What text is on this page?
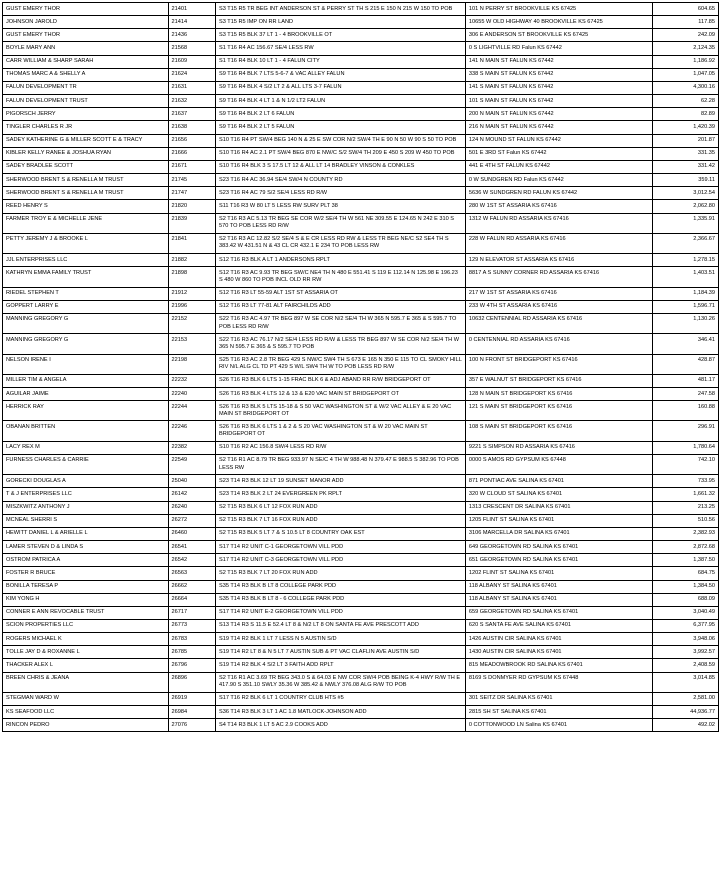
GUST EMERY THOR	21401	S3 T15 R5 TR BEG INT ANDERSON ST & PERRY ST TH S 215 E 150 N 215 W 150 TO POB	101 N PERRY ST BROOKVILLE KS 67425	604.65
JOHNSON JAROLD	21414	S3 T15 R5 IMP ON RR LAND	10655 W OLD HIGHWAY 40 BROOKVILLE KS 67425	117.85
GUST EMERY THOR	21436	S3 T15 R5 BLK 37 LT 1 - 4 BROOKVILLE OT	306 E ANDERSON ST BROOKVILLE KS 67425	242.09
BOYLE MARY ANN	21568	S1 T16 R4 AC 156.67 SE/4 LESS RW	0 S LIGHTVILLE RD Falun KS 67442	2,124.35
CARR WILLIAM & SHARP SARAH	21609	S1 T16 R4 BLK 10 LT 1 - 4 FALUN CITY	141 N MAIN ST FALUN KS 67442	1,186.92
THOMAS MARC A & SHELLY A	21624	S9 T16 R4 BLK 7 LTS 5-6-7 & VAC ALLEY FALUN	338 S MAIN ST FALUN KS 67442	1,047.05
FALUN DEVELOPMENT TR	21631	S9 T16 R4 BLK 4 S/2 LT 2 & ALL LTS 3-7 FALUN	141 S MAIN ST FALUN KS 67442	4,300.16
FALUN DEVELOPMENT TRUST	21632	S9 T16 R4 BLK 4 LT 1 & N 1/2 LT2 FALUN	101 S MAIN ST FALUN KS 67442	62.28
PIGORSCH JERRY	21637	S9 T16 R4 BLK 2 LT 6 FALUN	200 N MAIN ST FALUN KS 67442	82.89
TINGLER CHARLES R JR	21638	S9 T16 R4 BLK 2 LT 5 FALUN	216 N MAIN ST FALUN KS 67442	1,420.39
SADEY KATHERINE G & MILLER SCOTT E & TRACY	21656	S10 T16 R4 PT SW/4 BEG 140 N & 25 E SW COR N/2 SW/4 TH E 90 N 50 W 90 S 50 TO POB	124 N MOUND ST FALUN KS 67442	201.87
KIBLER KELLY RANEE & JOSHUA RYAN	21666	S10 T16 R4 AC 2.1 PT SW/4 BEG 870 E NW/C S/2 SW/4 TH 209 E 450 S 209 W 450 TO POB	501 E 3RD ST Falun KS 67442	331.35
SADEY BRADLEE SCOTT	21671	S10 T16 R4 BLK 3 S 17.5 LT 12 & ALL LT 14 BRADLEY VINSON & CONKLES	441 E 4TH ST FALUN KS 67442	331.42
SHERWOOD BRENT S & RENELLA M TRUST	21745	S23 T16 R4 AC 36.94 SE/4 SW/4 N COUNTY RD	0 W SUNDGREN RD Falun KS 67442	359.11
SHERWOOD BRENT S & RENELLA M TRUST	21747	S23 T16 R4 AC 79 S/2 SE/4 LESS RD R/W	5636 W SUNDGREN RD FALUN KS 67442	3,012.54
REED HENRY S	21820	S11 T16 R3 W 80 LT 5 LESS RW SURV PLT 38	280 W 1ST ST ASSARIA KS 67416	2,062.80
FARMER TROY E & MICHELLE JENE	21839	S2 T16 R3 AC 5.13 TR BEG SE COR W/2 SE/4 TH W 561 NE 309.55 E 124.65 N 242 E 310 S 570 TO POB LESS RD R/W	1312 W FALUN RD ASSARIA KS 67416	1,335.91
PETTY JEREMY J & BROOKE L	21841	S2 T16 R3 AC 12.82 S/2 SE/4 S & E CR LESS RD RW & LESS TR BEG NE/C S2 SE4 TH S 383.42 W 431.51 N & 43 CL CR 432.1 E 234 TO POB LESS RW	228 W FALUN RD ASSARIA KS 67416	2,366.67
JJL ENTERPRISES LLC	21882	S12 T16 R3 BLK A LT 1 ANDERSONS RPLT	129 N ELEVATOR ST ASSARIA KS 67416	1,278.15
KATHRYN EMMA FAMILY TRUST	21898	S12 T16 R3 AC 9.93 TR BEG SW/C NE4 TH N 480 E 551.41 S 119 E 112.14 N 125.98 E 196.23 S 480 W 860 TO POB INCL OLD RR RW	8817 A S SUNNY CORNER RD ASSARIA KS 67416	1,403.51
RIEDEL STEPHEN T	21912	S12 T16 R3 LT 55-59 ALT 1ST ST ASSARIA OT	217 W 1ST ST ASSARIA KS 67416	1,184.39
GOPPERT LARRY E	21996	S12 T16 R3 LT 77-81 ALT FAIRCHILDS ADD	233 W 4TH ST ASSARIA KS 67416	1,596.71
MANNING GREGORY G	22152	S22 T16 R3 AC 4.97 TR BEG 897 W SE COR N/2 SE/4 TH W 365 N 595.7 E 365 & S 595.7 TO POB LESS RD R/W	10632 CENTENNIAL RD ASSARIA KS 67416	1,130.26
MANNING GREGORY G	22153	S22 T16 R3 AC 76.17 N/2 SE/4 LESS RD R/W & LESS TR BEG 897 W SE COR N/2 SE/4 TH W 365 N 595.7 E 365 & S 595.7 TO POB	0 CENTENNIAL RD ASSARIA KS 67416	346.41
NELSON IRENE I	22198	S25 T16 R3 AC 2.8 TR BEG 429 S NW/C SW4 TH S 673 E 165 N 350 E 115 TO CL SMOKY HILL RIV N/L ALG CL TD PT 429 S W/L SW4 TH W TO POB LESS RD R/W	100 N FRONT ST BRIDGEPORT KS 67416	428.87
MILLER TIM & ANGELA	22232	S26 T16 R3 BLK 6 LTS 1-15 FRAC BLK 6 & ADJ ABAND RR R/W BRIDGEPORT OT	357 E WALNUT ST BRIDGEPORT KS 67416	481.17
AGUILAR JAIME	22240	S26 T16 R3 BLK 4 LTS 12 & 13 & E20 VAC MAIN ST BRIDGEPORT OT	128 N MAIN ST BRIDGEPORT KS 67416	247.58
HERRICK RAY	22244	S26 T16 R3 BLK 5 LTS 15-18 & S 50 VAC WASHINGTON ST & W/2 VAC ALLEY & E 20 VAC MAIN ST BRIDGEPORT OT	121 S MAIN ST BRIDGEPORT KS 67416	160.88
OBANAN BRITTEN	22246	S26 T16 R3 BLK 6 LTS 1 & 2 & S 20 VAC WASHINGTON ST & W 20 VAC MAIN ST BRIDGEPORT OT	108 S MAIN ST BRIDGEPORT KS 67416	296.91
LACY REX M	22382	S10 T16 R2 AC 156.8 SW/4 LESS RD R/W	9221 S SIMPSON RD ASSARIA KS 67416	1,780.64
FURNESS CHARLES & CARRIE	22549	S2 T16 R1 AC 8.79 TR BEG 933.97 N SE/C 4 TH W 988.48 N 379.47 E 988.5 S 382.96 TO POB LESS RW	0000 S AMOS RD GYPSUM KS 67448	742.10
GORECKI DOUGLAS A	25040	S23 T14 R3 BLK 12 LT 19 SUNSET MANOR ADD	871 PONTIAC AVE SALINA KS 67401	733.95
T & J ENTERPRISES LLC	26142	S23 T14 R3 BLK 2 LT 24 EVERGREEN PK RPLT	320 W CLOUD ST SALINA KS 67401	1,661.32
MISZKWITZ ANTHONY J	26240	S2 T15 R3 BLK 6 LT 12 FOX RUN ADD	1313 CRESCENT DR SALINA KS 67401	213.25
MCNEAL SHERRI S	26272	S2 T15 R3 BLK 7 LT 16 FOX RUN ADD	1205 FLINT ST SALINA KS 67401	510.56
HEWITT DANIEL L & ARIELLE L	26460	S2 T15 R3 BLK 5 LT 7 & S 10.5 LT 8 COUNTRY OAK EST	3106 MARCELLA DR SALINA KS 67401	2,382.93
LAMER STEVEN D & LINDA S	26541	S17 T14 R2 UNIT C-1 GEORGETOWN VILL PDD	649 GEORGETOWN RD SALINA KS 67401	2,872.68
OSTROM PATRICA A	26542	S17 T14 R2 UNIT C-3 GEORGETOWN VILL PDD	651 GEORGETOWN RD SALINA KS 67401	1,387.50
FOSTER R BRUCE	26563	S2 T15 R3 BLK 7 LT 20 FOX RUN ADD	1202 FLINT ST SALINA KS 67401	684.75
BONILLA TERESA P	26662	S35 T14 R3 BLK B LT 8 COLLEGE PARK PDD	118 ALBANY ST SALINA KS 67401	1,384.50
KIM YONG H	26664	S35 T14 R3 BLK B LT 8 - 6 COLLEGE PARK PDD	118 ALBANY ST SALINA KS 67401	688.09
CONNER E ANN REVOCABLE TRUST	26717	S17 T14 R2 UNIT E-2 GEORGETOWN VILL PDD	659 GEORGETOWN RD SALINA KS 67401	3,040.49
SCION PROPERTIES LLC	26773	S13 T14 R3 S 11.5 E 52.4 LT 8 & N/2 LT 8 ON SANTA FE AVE PRESCOTT ADD	620 S SANTA FE AVE SALINA KS 67401	6,377.95
ROGERS MICHAEL K	26783	S19 T14 R2 BLK 1 LT 7 LESS N 5 AUSTIN S/D	1426 AUSTIN CIR SALINA KS 67401	3,948.06
TOLLE JAY D & ROXANNE L	26785	S19 T14 R2 LT 8 & N 5 LT 7 AUSTIN SUB & PT VAC CLAFLIN AVE AUSTIN S/D	1430 AUSTIN CIR SALINA KS 67401	3,992.57
THACKER ALEX L	26796	S19 T14 R2 BLK 4 S/2 LT 3 FAITH ADD RPLT	815 MEADOWBROOK RD SALINA KS 67401	2,408.59
BREEN CHRIS & JEANA	26896	S2 T16 R1 AC 3.69 TR BEG 343.0 S & 64.03 E NW COR SW/4 POB BEING K-4 HWY R/W TH E 417.90 S 351.10 SWLY 35.36 W 385.42 & NWLY 376.08 ALG R/W TO POB	8169 S DONMYER RD GYPSUM KS 67448	3,014.85
STEGMAN WARD W	26919	S17 T16 R2 BLK 6 LT 1 COUNTRY CLUB HTS #5	301 SEITZ DR SALINA KS 67401	2,581.00
KS SEAFOOD LLC	26984	S36 T14 R3 BLK 3 LT 1 AC 1.8 MATLOCK-JOHNSON ADD	2815 SH ST SALINA KS 67401	44,936.77
RINCON PEDRO	27076	S4 T14 R3 BLK 1 LT 5 AC 2.9 COOKS ADD	0 COTTONWOOD LN Salina KS 67401	492.02
